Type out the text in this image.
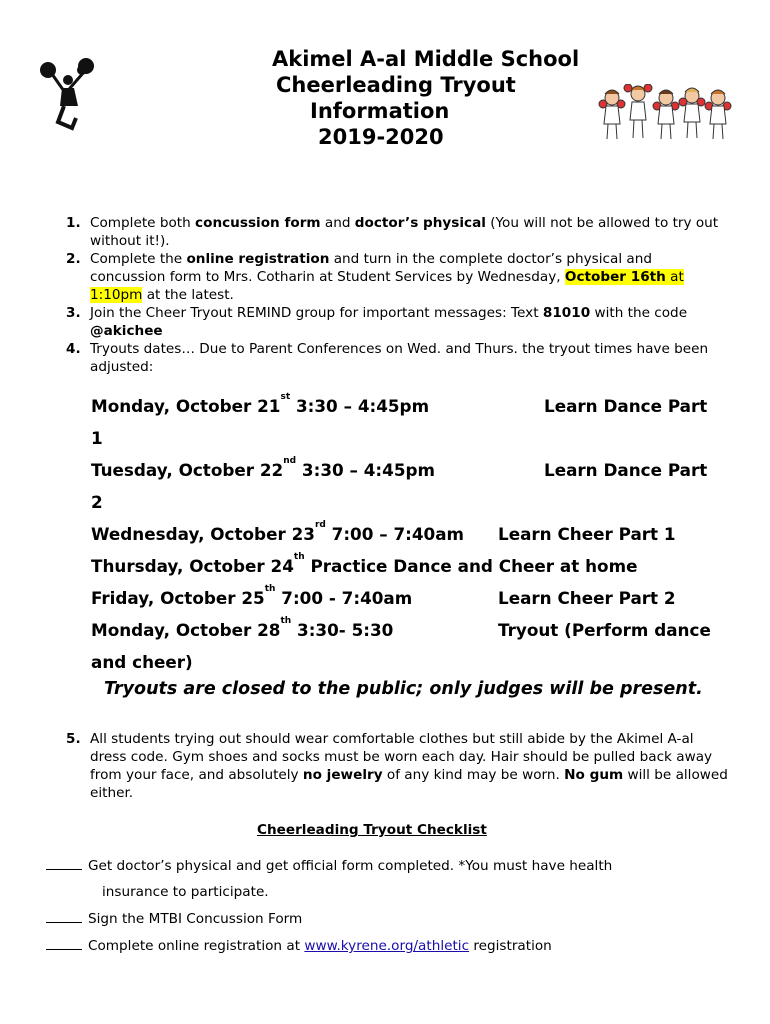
Akimel A-al Middle School
Cheerleading Tryout
Information
2019-2020
1. Complete both concussion form and doctor’s physical (You will not be allowed to try out without it!).
2. Complete the online registration and turn in the complete doctor’s physical and concussion form to Mrs. Cotharin at Student Services by Wednesday, October 16th at 1:10pm at the latest.
3. Join the Cheer Tryout REMIND group for important messages: Text 81010 with the code @akichee
4. Tryouts dates… Due to Parent Conferences on Wed. and Thurs. the tryout times have been adjusted:
Monday, October 21st 3:30 – 4:45pm	Learn Dance Part
1
Tuesday, October 22nd 3:30 – 4:45pm	Learn Dance Part
2
Wednesday, October 23rd 7:00 – 7:40am Learn Cheer Part 1
Thursday, October 24th Practice Dance and Cheer at home
Friday, October 25th 7:00 - 7:40am	Learn Cheer Part 2
Monday, October 28th 3:30- 5:30	Tryout (Perform dance
and cheer)
Tryouts are closed to the public; only judges will be present.
5. All students trying out should wear comfortable clothes but still abide by the Akimel A-al dress code. Gym shoes and socks must be worn each day. Hair should be pulled back away from your face, and absolutely no jewelry of any kind may be worn. No gum will be allowed either.
Cheerleading Tryout Checklist
Get doctor’s physical and get official form completed. *You must have health
insurance to participate.
Sign the MTBI Concussion Form
Complete online registration at www.kyrene.org/athletic registration
